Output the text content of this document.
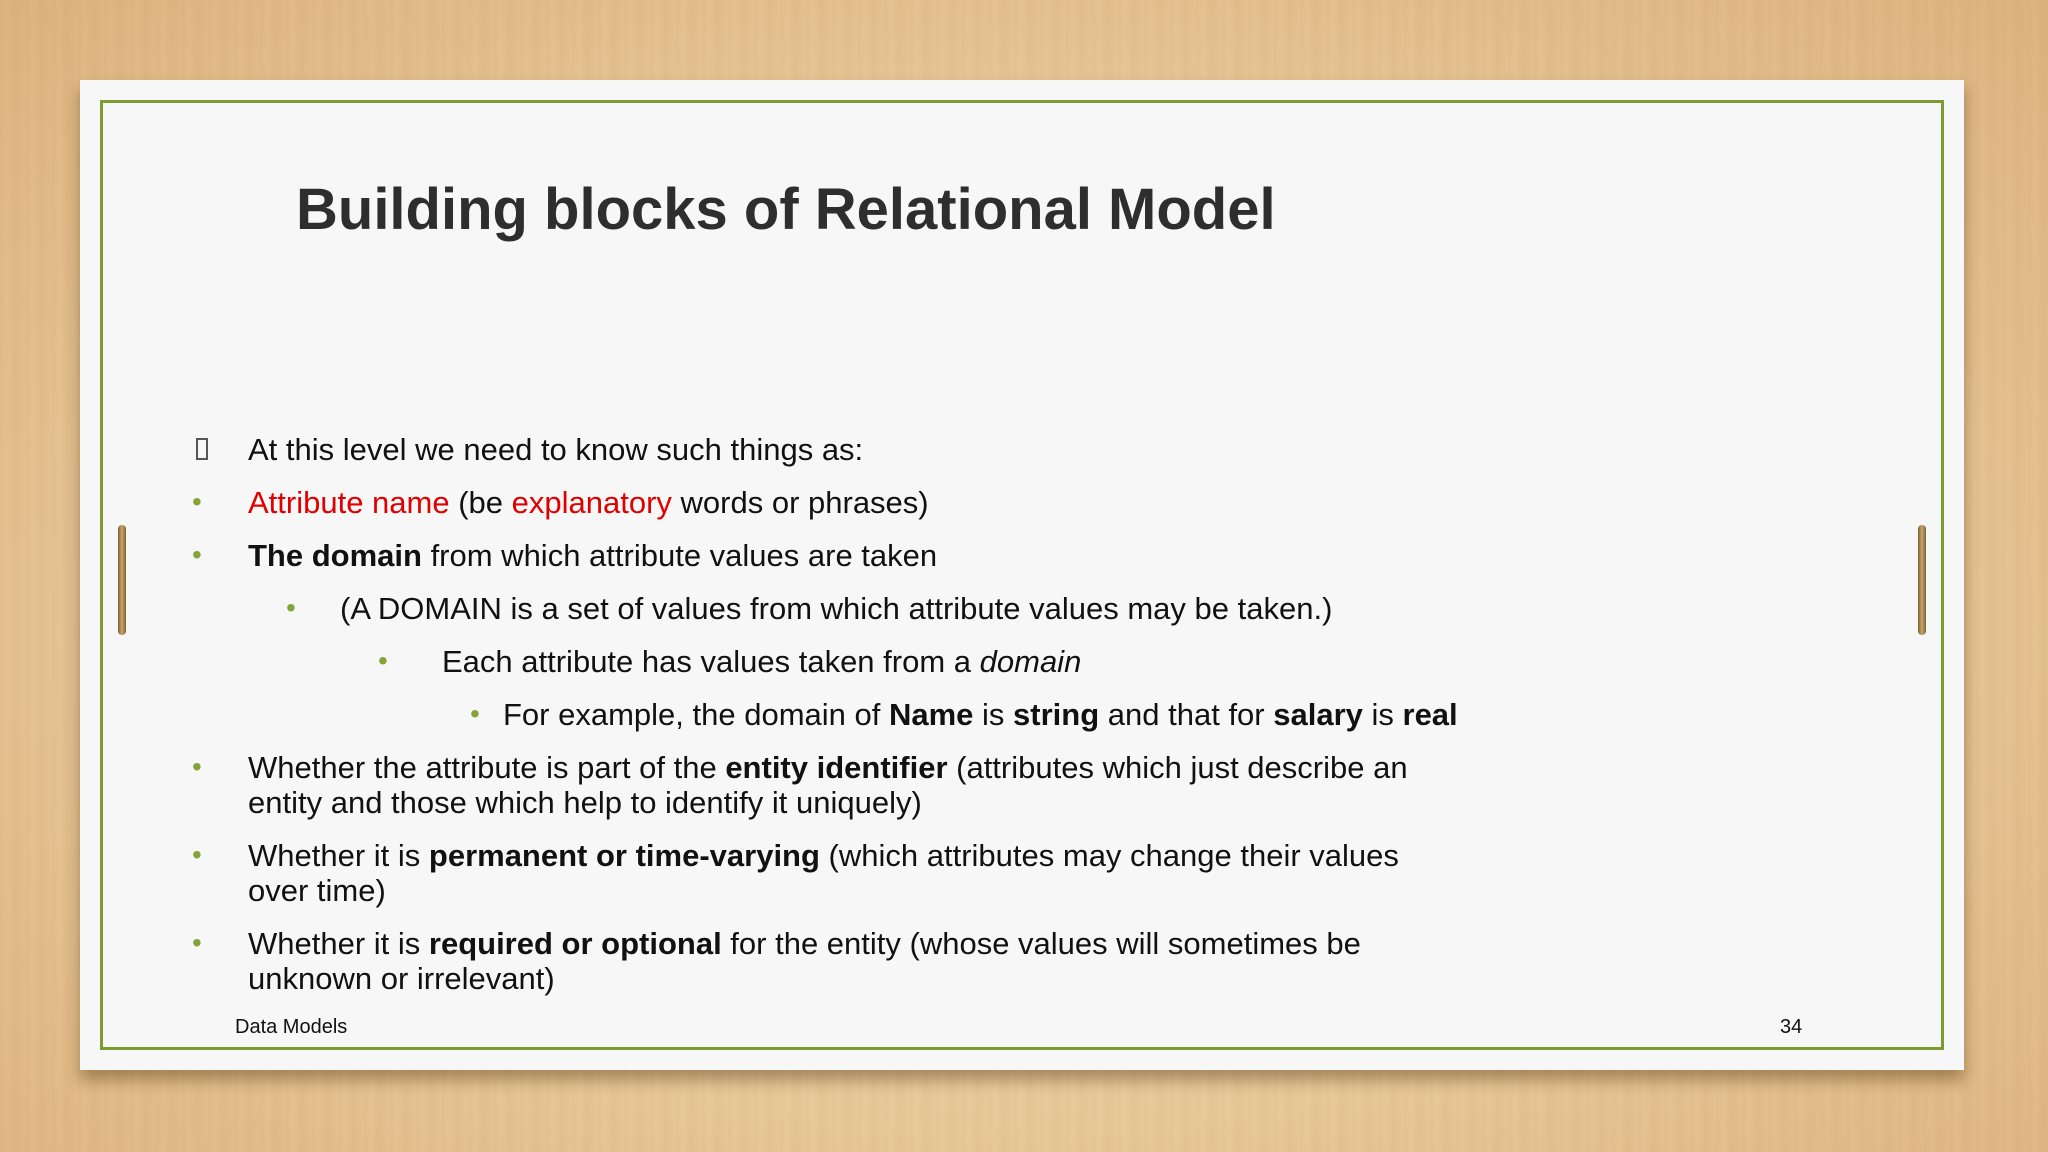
Building blocks of Relational Model
At this level we need to know such things as:
• Attribute name (be explanatory words or phrases)
• The domain from which attribute values are taken
• (A DOMAIN is a set of values from which attribute values may be taken.)
• Each attribute has values taken from a domain
• For example, the domain of Name is string and that for salary is real
• Whether the attribute is part of the entity identifier (attributes which just describe an
entity and those which help to identify it uniquely)
• Whether it is permanent or time-varying (which attributes may change their values
over time)
• Whether it is required or optional for the entity (whose values will sometimes be
unknown or irrelevant)
Data Models	34
